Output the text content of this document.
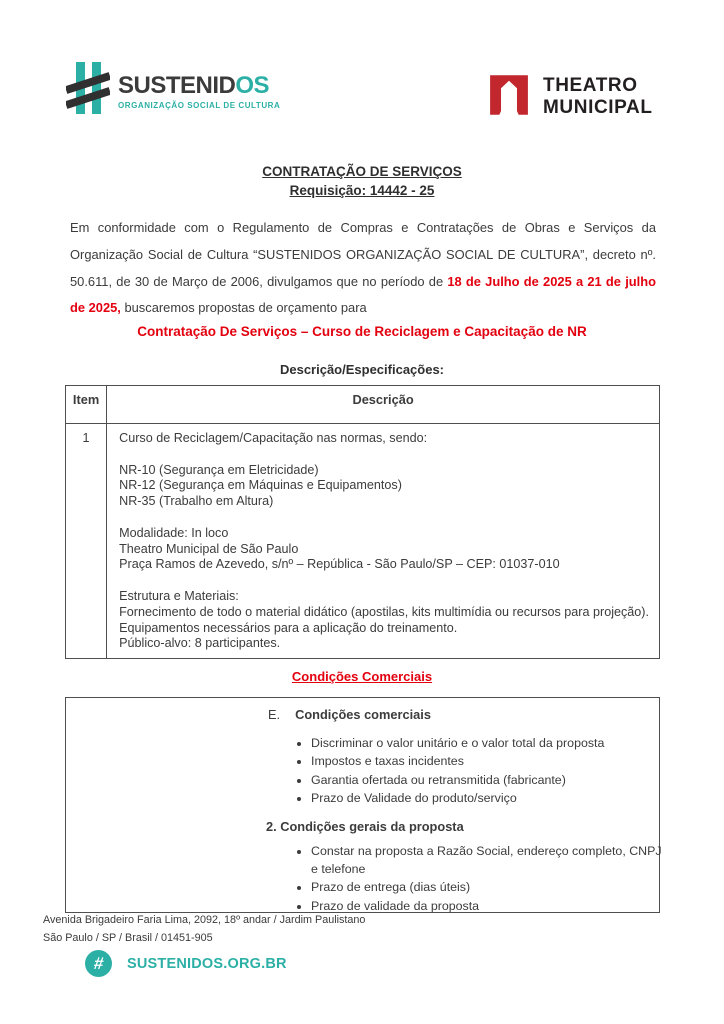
SUSTENIDOS
ORGANIZAÇÃO SOCIAL DE CULTURA
THEATRO
MUNICIPAL
CONTRATAÇÃO DE SERVIÇOS
Requisição: 14442 - 25

Em conformidade com o Regulamento de Compras e Contratações de Obras e Serviços da Organização Social de Cultura “SUSTENIDOS ORGANIZAÇÃO SOCIAL DE CULTURA”, decreto nº. 50.611, de 30 de Março de 2006, divulgamos que no período de 18 de Julho de 2025 a 21 de julho de 2025, buscaremos propostas de orçamento para

Contratação De Serviços – Curso de Reciclagem e Capacitação de NR
Descrição/Especificações:
Item	Descrição
1	Curso de Reciclagem/Capacitação nas normas, sendo:
NR-10 (Segurança em Eletricidade)
NR-12 (Segurança em Máquinas e Equipamentos)
NR-35 (Trabalho em Altura)
Modalidade: In loco
Theatro Municipal de São Paulo
Praça Ramos de Azevedo, s/nº – República - São Paulo/SP – CEP: 01037-010
Estrutura e Materiais:
Fornecimento de todo o material didático (apostilas, kits multimídia ou recursos para projeção).
Equipamentos necessários para a aplicação do treinamento.
Público-alvo: 8 participantes.
Condições Comerciais
E. Condições comerciais
• Discriminar o valor unitário e o valor total da proposta
• Impostos e taxas incidentes
• Garantia ofertada ou retransmitida (fabricante)
• Prazo de Validade do produto/serviço
2. Condições gerais da proposta
• Constar na proposta a Razão Social, endereço completo, CNPJ e telefone
• Prazo de entrega (dias úteis)
• Prazo de validade da proposta
Avenida Brigadeiro Faria Lima, 2092, 18º andar / Jardim Paulistano
São Paulo / SP / Brasil / 01451-905
# SUSTENIDOS.ORG.BR
